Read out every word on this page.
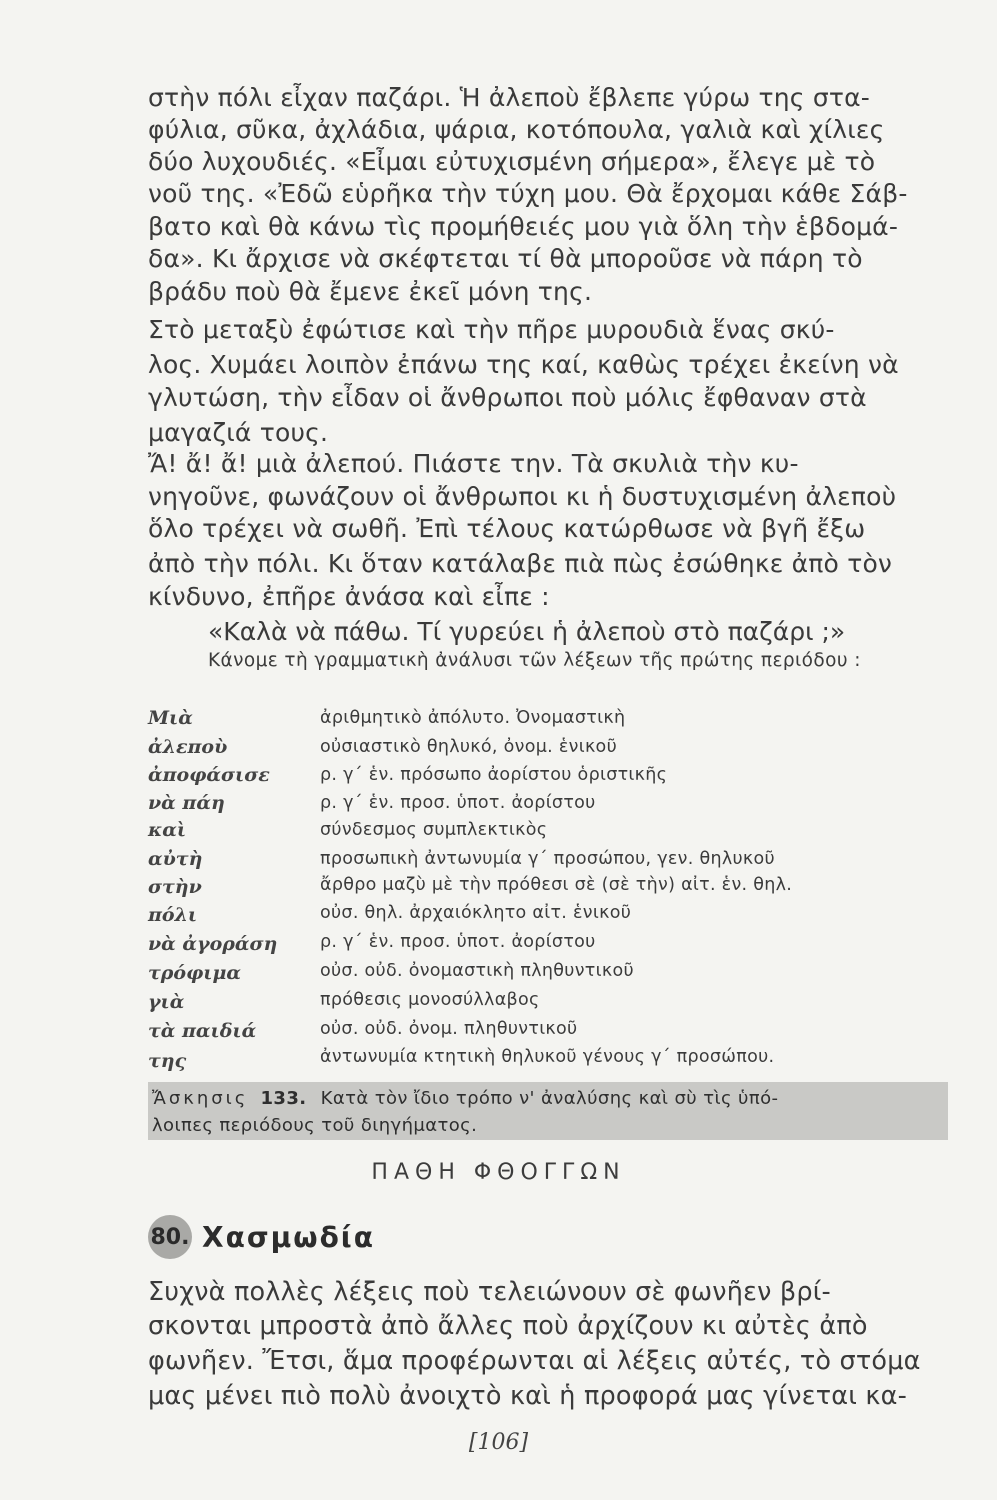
στὴν πόλι εἶχαν παζάρι. Ἡ ἀλεποὺ ἔβλεπε γύρω της στα-
φύλια, σῦκα, ἀχλάδια, ψάρια, κοτόπουλα, γαλιὰ καὶ χίλιες
δύο λυχουδιές. «Εἶμαι εὐτυχισμένη σήμερα», ἔλεγε μὲ τὸ
νοῦ της. «Ἐδῶ εὑρῆκα τὴν τύχη μου. Θὰ ἔρχομαι κάθε Σάβ-
βατο καὶ θὰ κάνω τὶς προμήθειές μου γιὰ ὅλη τὴν ἑβδομά-
δα». Κι ἄρχισε νὰ σκέφτεται τί θὰ μποροῦσε νὰ πάρη τὸ
βράδυ ποὺ θὰ ἔμενε ἐκεῖ μόνη της.
Στὸ μεταξὺ ἐφώτισε καὶ τὴν πῆρε μυρουδιὰ ἕνας σκύ-
λος. Χυμάει λοιπὸν ἐπάνω της καί, καθὼς τρέχει ἐκείνη νὰ
γλυτώση, τὴν εἶδαν οἱ ἄνθρωποι ποὺ μόλις ἔφθαναν στὰ
μαγαζιά τους.
Ἄ! ἄ! ἄ! μιὰ ἀλεπού. Πιάστε την. Τὰ σκυλιὰ τὴν κυ-
νηγοῦνε, φωνάζουν οἱ ἄνθρωποι κι ἡ δυστυχισμένη ἀλεποὺ
ὅλο τρέχει νὰ σωθῆ. Ἐπὶ τέλους κατώρθωσε νὰ βγῆ ἔξω
ἀπὸ τὴν πόλι. Κι ὅταν κατάλαβε πιὰ πὼς ἐσώθηκε ἀπὸ τὸν
κίνδυνο, ἐπῆρε ἀνάσα καὶ εἶπε :
«Καλὰ νὰ πάθω. Τί γυρεύει ἡ ἀλεποὺ στὸ παζάρι ;»
Κάνομε τὴ γραμματικὴ ἀνάλυσι τῶν λέξεων τῆς πρώτης περιόδου :
Μιὰ	ἀριθμητικὸ ἀπόλυτο. Ὀνομαστικὴ
ἀλεποὺ	οὐσιαστικὸ θηλυκό, ὀνομ. ἑνικοῦ
ἀποφάσισε	ρ. γ΄ ἑν. πρόσωπο ἀορίστου ὁριστικῆς
νὰ πάη	ρ. γ΄ ἑν. προσ. ὑποτ. ἀορίστου
καὶ	σύνδεσμος συμπλεκτικὸς
αὐτὴ	προσωπικὴ ἀντωνυμία γ΄ προσώπου, γεν. θηλυκοῦ
στὴν	ἄρθρο μαζὺ μὲ τὴν πρόθεσι σὲ (σὲ τὴν) αἰτ. ἑν. θηλ.
πόλι	οὐσ. θηλ. ἀρχαιόκλητο αἰτ. ἑνικοῦ
νὰ ἀγοράση	ρ. γ΄ ἑν. προσ. ὑποτ. ἀορίστου
τρόφιμα	οὐσ. οὐδ. ὀνομαστικὴ πληθυντικοῦ
γιὰ	πρόθεσις μονοσύλλαβος
τὰ παιδιά	οὐσ. οὐδ. ὀνομ. πληθυντικοῦ
της	ἀντωνυμία κτητικὴ θηλυκοῦ γένους γ΄ προσώπου.
Ἄσκησις 133. Κατὰ τὸν ἴδιο τρόπο ν' ἀναλύσης καὶ σὺ τὶς ὑπό-
λοιπες περιόδους τοῦ διηγήματος.
ΠΑΘΗ ΦΘΟΓΓΩΝ
80. Χασμωδία
Συχνὰ πολλὲς λέξεις ποὺ τελειώνουν σὲ φωνῆεν βρί-
σκονται μπροστὰ ἀπὸ ἄλλες ποὺ ἀρχίζουν κι αὐτὲς ἀπὸ
φωνῆεν. Ἔτσι, ἅμα προφέρωνται αἱ λέξεις αὐτές, τὸ στόμα
μας μένει πιὸ πολὺ ἀνοιχτὸ καὶ ἡ προφορά μας γίνεται κα-
[106]
